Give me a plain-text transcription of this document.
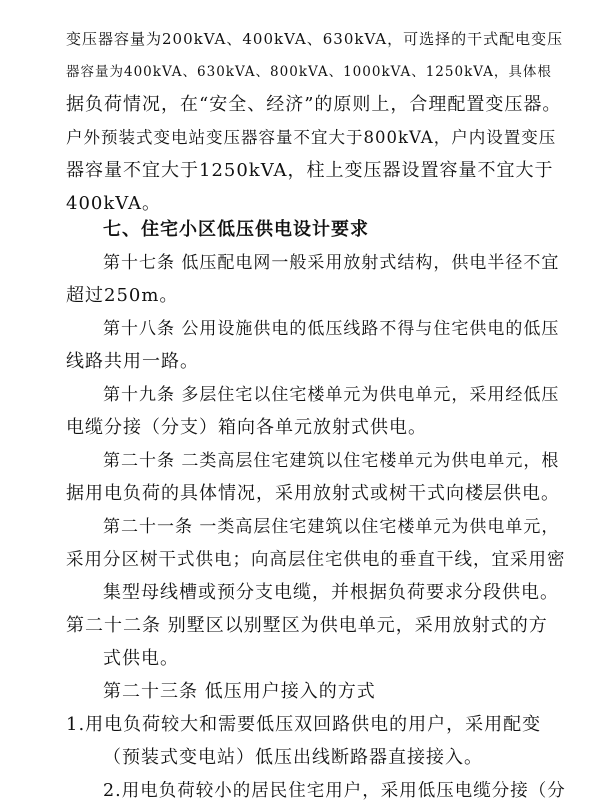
变压器容量为200kVA、400kVA、630kVA，可选择的干式配电变压
器容量为400kVA、630kVA、800kVA、1000kVA、1250kVA，具体根
据负荷情况，在“安全、经济”的原则上，合理配置变压器。
户外预装式变电站变压器容量不宜大于800kVA，户内设置变压
器容量不宜大于1250kVA，柱上变压器设置容量不宜大于
400kVA。
七、住宅小区低压供电设计要求
第十七条 低压配电网一般采用放射式结构，供电半径不宜
超过250m。
第十八条 公用设施供电的低压线路不得与住宅供电的低压
线路共用一路。
第十九条 多层住宅以住宅楼单元为供电单元，采用经低压
电缆分接（分支）箱向各单元放射式供电。
第二十条 二类高层住宅建筑以住宅楼单元为供电单元，根
据用电负荷的具体情况，采用放射式或树干式向楼层供电。
第二十一条 一类高层住宅建筑以住宅楼单元为供电单元，
采用分区树干式供电；向高层住宅供电的垂直干线，宜采用密
集型母线槽或预分支电缆，并根据负荷要求分段供电。
第二十二条 别墅区以别墅区为供电单元，采用放射式的方
式供电。
第二十三条 低压用户接入的方式
1.用电负荷较大和需要低压双回路供电的用户，采用配变
（预装式变电站）低压出线断路器直接接入。
2.用电负荷较小的居民住宅用户，采用低压电缆分接（分
